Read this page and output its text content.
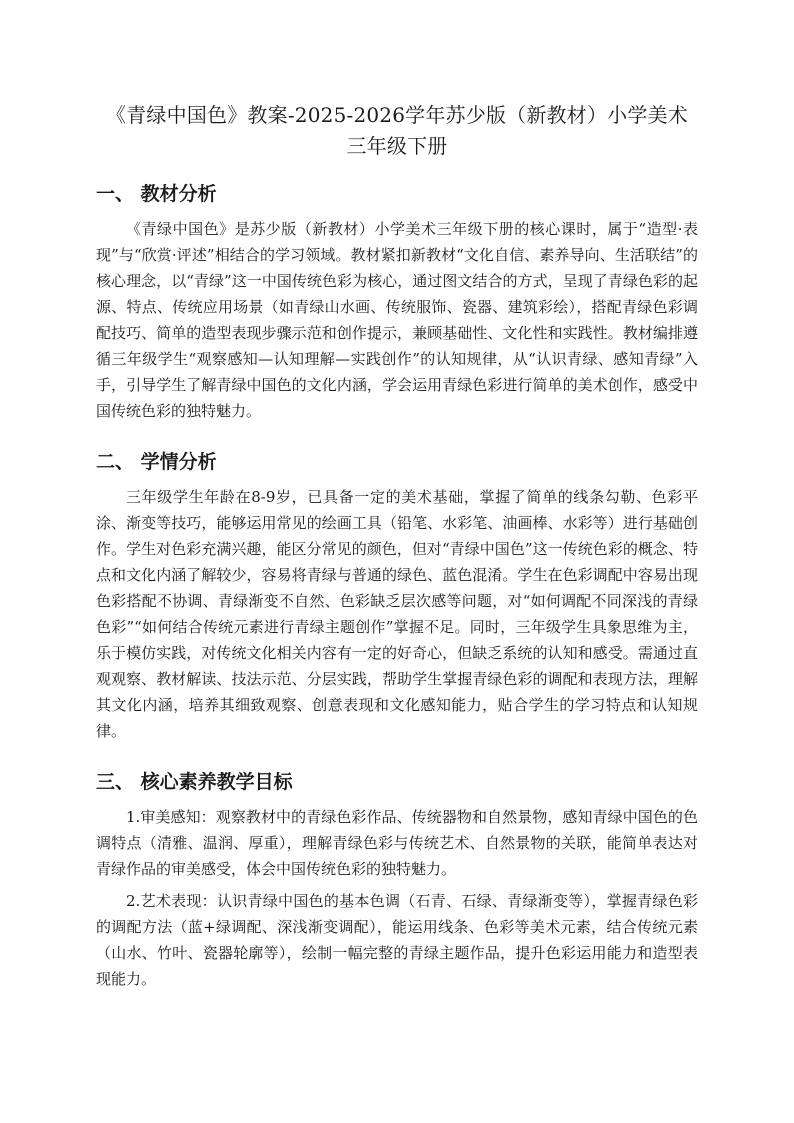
《青绿中国色》教案-2025-2026学年苏少版（新教材）小学美术三年级下册
一、 教材分析

《青绿中国色》是苏少版（新教材）小学美术三年级下册的核心课时，属于“造型·表现”与“欣赏·评述”相结合的学习领域。教材紧扣新教材“文化自信、素养导向、生活联结”的核心理念，以“青绿”这一中国传统色彩为核心，通过图文结合的方式，呈现了青绿色彩的起源、特点、传统应用场景（如青绿山水画、传统服饰、瓷器、建筑彩绘），搭配青绿色彩调配技巧、简单的造型表现步骤示范和创作提示，兼顾基础性、文化性和实践性。教材编排遵循三年级学生“观察感知—认知理解—实践创作”的认知规律，从“认识青绿、感知青绿”入手，引导学生了解青绿中国色的文化内涵，学会运用青绿色彩进行简单的美术创作，感受中国传统色彩的独特魅力。

二、 学情分析

三年级学生年龄在8-9岁，已具备一定的美术基础，掌握了简单的线条勾勒、色彩平涂、渐变等技巧，能够运用常见的绘画工具（铅笔、水彩笔、油画棒、水彩等）进行基础创作。学生对色彩充满兴趣，能区分常见的颜色，但对“青绿中国色”这一传统色彩的概念、特点和文化内涵了解较少，容易将青绿与普通的绿色、蓝色混淆。学生在色彩调配中容易出现色彩搭配不协调、青绿渐变不自然、色彩缺乏层次感等问题，对“如何调配不同深浅的青绿色彩”“如何结合传统元素进行青绿主题创作”掌握不足。同时，三年级学生具象思维为主，乐于模仿实践，对传统文化相关内容有一定的好奇心，但缺乏系统的认知和感受。需通过直观观察、教材解读、技法示范、分层实践，帮助学生掌握青绿色彩的调配和表现方法，理解其文化内涵，培养其细致观察、创意表现和文化感知能力，贴合学生的学习特点和认知规律。

三、 核心素养教学目标

1.审美感知：观察教材中的青绿色彩作品、传统器物和自然景物，感知青绿中国色的色调特点（清雅、温润、厚重），理解青绿色彩与传统艺术、自然景物的关联，能简单表达对青绿作品的审美感受，体会中国传统色彩的独特魅力。

2.艺术表现：认识青绿中国色的基本色调（石青、石绿、青绿渐变等），掌握青绿色彩的调配方法（蓝+绿调配、深浅渐变调配），能运用线条、色彩等美术元素，结合传统元素（山水、竹叶、瓷器轮廓等），绘制一幅完整的青绿主题作品，提升色彩运用能力和造型表现能力。
